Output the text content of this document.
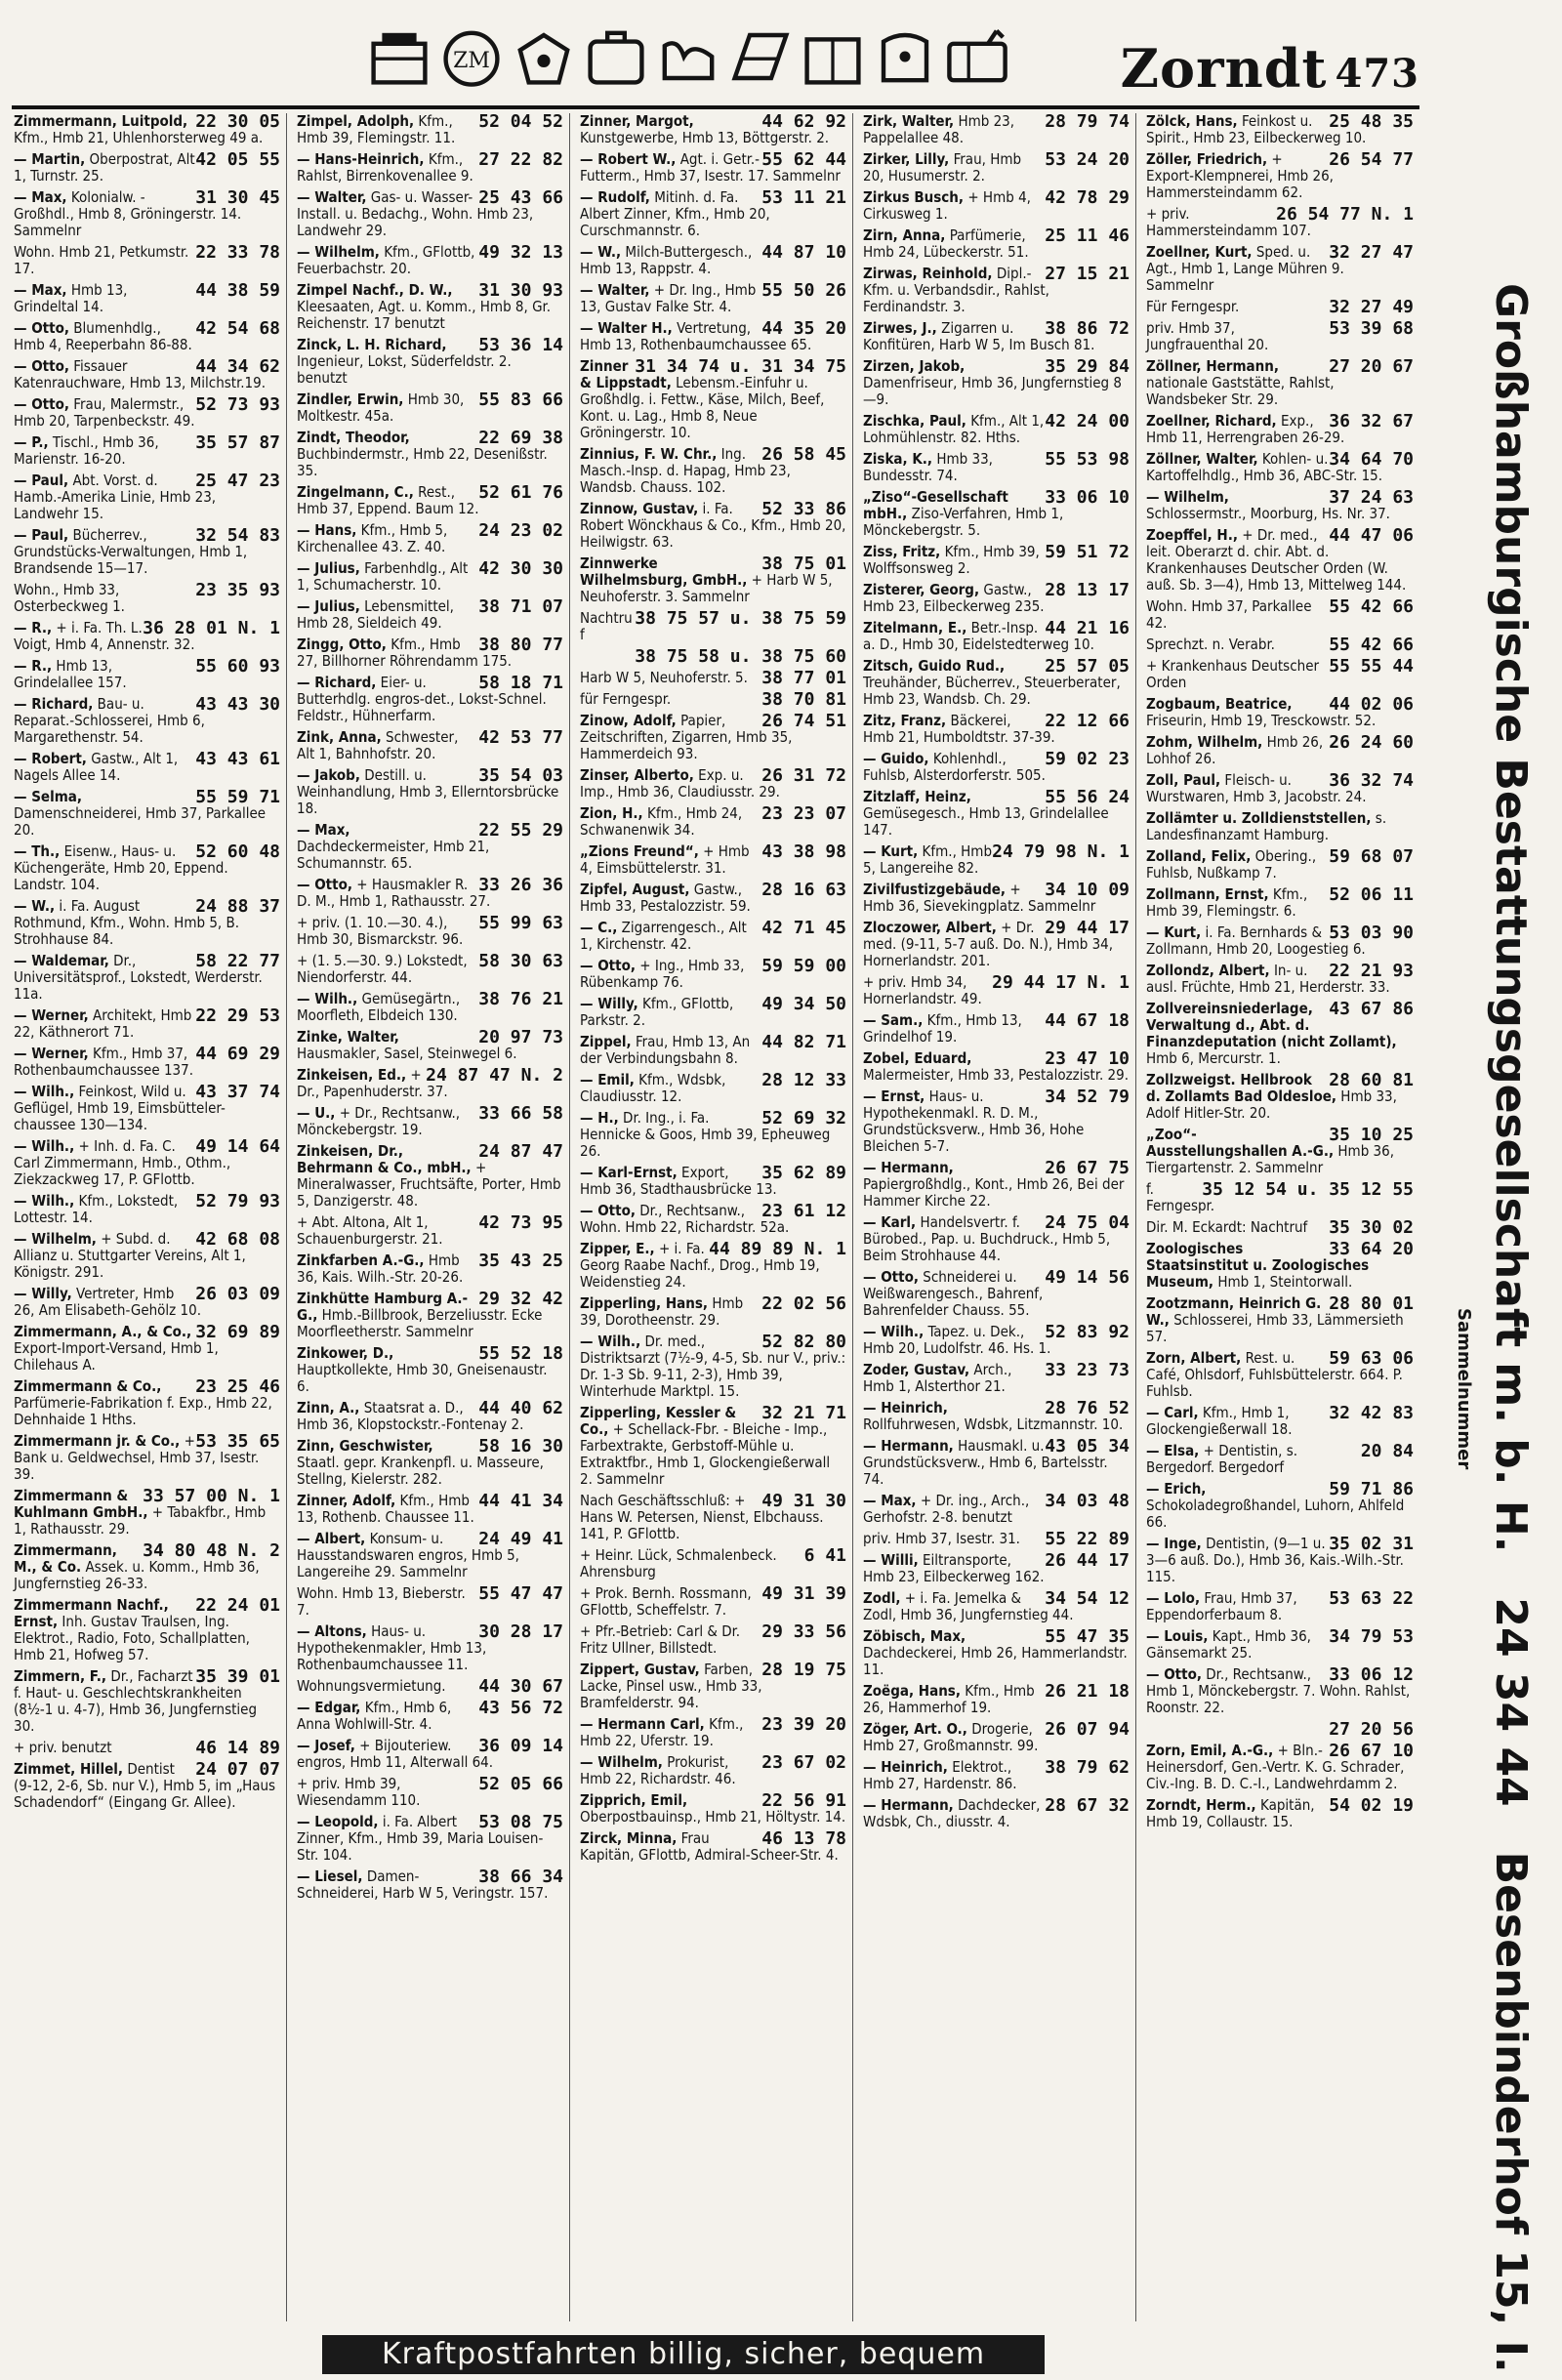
ZM	Zorndt 473

22 30 05
Zimmermann, Luitpold, Kfm., Hmb 21, Uhlenhorsterweg 49 a.

42 05 55
— Martin, Oberpostrat, Alt 1, Turnstr. 25.

31 30 45
— Max, Kolonialw. - Großhdl., Hmb 8, Gröningerstr. 14. Sammelnr

22 33 78
Wohn. Hmb 21, Petkumstr. 17.

44 38 59
— Max, Hmb 13, Grindeltal 14.

42 54 68
— Otto, Blumenhdlg., Hmb 4, Reeperbahn 86-88.

44 34 62
— Otto, Fissauer Katenrauchware, Hmb 13, Milchstr.19.

52 73 93
— Otto, Frau, Malermstr., Hmb 20, Tarpenbeckstr. 49.

35 57 87
— P., Tischl., Hmb 36, Marienstr. 16-20.

25 47 23
— Paul, Abt. Vorst. d. Hamb.-Amerika Linie, Hmb 23, Landwehr 15.

32 54 83
— Paul, Bücherrev., Grundstücks-Verwaltungen, Hmb 1, Brandsende 15—17.

23 35 93
Wohn., Hmb 33, Osterbeckweg 1.

36 28 01 N. 1
— R., + i. Fa. Th. L. Voigt, Hmb 4, Annenstr. 32.

55 60 93
— R., Hmb 13, Grindelallee 157.

43 43 30
— Richard, Bau- u. Reparat.-Schlosserei, Hmb 6, Margarethenstr. 54.

43 43 61
— Robert, Gastw., Alt 1, Nagels Allee 14.

55 59 71
— Selma, Damenschneiderei, Hmb 37, Parkallee 20.

52 60 48
— Th., Eisenw., Haus- u. Küchengeräte, Hmb 20, Eppend. Landstr. 104.

24 88 37
— W., i. Fa. August Rothmund, Kfm., Wohn. Hmb 5, B. Strohhause 84.

58 22 77
— Waldemar, Dr., Universitätsprof., Lokstedt, Werderstr. 11a.

22 29 53
— Werner, Architekt, Hmb 22, Käthnerort 71.

44 69 29
— Werner, Kfm., Hmb 37, Rothenbaumchaussee 137.

43 37 74
— Wilh., Feinkost, Wild u. Geflügel, Hmb 19, Eimsbütteler-chaussee 130—134.

49 14 64
— Wilh., + Inh. d. Fa. C. Carl Zimmermann, Hmb., Othm., Ziekzackweg 17, P. GFlottb.

52 79 93
— Wilh., Kfm., Lokstedt, Lottestr. 14.

42 68 08
— Wilhelm, + Subd. d. Allianz u. Stuttgarter Vereins, Alt 1, Königstr. 291.

26 03 09
— Willy, Vertreter, Hmb 26, Am Elisabeth-Gehölz 10.

32 69 89
Zimmermann, A., & Co., Export-Import-Versand, Hmb 1, Chilehaus A.

23 25 46
Zimmermann & Co., Parfümerie-Fabrikation f. Exp., Hmb 22, Dehnhaide 1 Hths.

53 35 65
Zimmermann jr. & Co., + Bank u. Geldwechsel, Hmb 37, Isestr. 39.

33 57 00 N. 1
Zimmermann & Kuhlmann GmbH., + Tabakfbr., Hmb 1, Rathausstr. 29.

34 80 48 N. 2
Zimmermann, M., & Co. Assek. u. Komm., Hmb 36, Jungfernstieg 26-33.

22 24 01
Zimmermann Nachf., Ernst, Inh. Gustav Traulsen, Ing. Elektrot., Radio, Foto, Schallplatten, Hmb 21, Hofweg 57.

35 39 01
Zimmern, F., Dr., Facharzt f. Haut- u. Geschlechtskrankheiten (8½-1 u. 4-7), Hmb 36, Jungfernstieg 30.

46 14 89
+ priv. benutzt

24 07 07
Zimmet, Hillel, Dentist (9-12, 2-6, Sb. nur V.), Hmb 5, im „Haus Schadendorf“ (Eingang Gr. Allee).

52 04 52
Zimpel, Adolph, Kfm., Hmb 39, Flemingstr. 11.

27 22 82
— Hans-Heinrich, Kfm., Rahlst, Birrenkovenallee 9.

25 43 66
— Walter, Gas- u. Wasser-Install. u. Bedachg., Wohn. Hmb 23, Landwehr 29.

49 32 13
— Wilhelm, Kfm., GFlottb, Feuerbachstr. 20.

31 30 93
Zimpel Nachf., D. W., Kleesaaten, Agt. u. Komm., Hmb 8, Gr. Reichenstr. 17 benutzt

53 36 14
Zinck, L. H. Richard, Ingenieur, Lokst, Süderfeldstr. 2. benutzt

55 83 66
Zindler, Erwin, Hmb 30, Moltkestr. 45a.

22 69 38
Zindt, Theodor, Buchbindermstr., Hmb 22, Desenißstr. 35.

52 61 76
Zingelmann, C., Rest., Hmb 37, Eppend. Baum 12.

24 23 02
— Hans, Kfm., Hmb 5, Kirchenallee 43. Z. 40.

42 30 30
— Julius, Farbenhdlg., Alt 1, Schumacherstr. 10.

38 71 07
— Julius, Lebensmittel, Hmb 28, Sieldeich 49.

38 80 77
Zingg, Otto, Kfm., Hmb 27, Billhorner Röhrendamm 175.

58 18 71
— Richard, Eier- u. Butterhdlg. engros-det., Lokst-Schnel. Feldstr., Hühnerfarm.

42 53 77
Zink, Anna, Schwester, Alt 1, Bahnhofstr. 20.

35 54 03
— Jakob, Destill. u. Weinhandlung, Hmb 3, Ellerntorsbrücke 18.

22 55 29
— Max, Dachdeckermeister, Hmb 21, Schumannstr. 65.

33 26 36
— Otto, + Hausmakler R. D. M., Hmb 1, Rathausstr. 27.

55 99 63
+ priv. (1. 10.—30. 4.), Hmb 30, Bismarckstr. 96.

58 30 63
+ (1. 5.—30. 9.) Lokstedt, Niendorferstr. 44.

38 76 21
— Wilh., Gemüsegärtn., Moorfleth, Elbdeich 130.

20 97 73
Zinke, Walter, Hausmakler, Sasel, Steinwegel 6.

24 87 47 N. 2
Zinkeisen, Ed., + Dr., Papenhuderstr. 37.

33 66 58
— U., + Dr., Rechtsanw., Mönckebergstr. 19.

24 87 47
Zinkeisen, Dr., Behrmann & Co., mbH., + Mineralwasser, Fruchtsäfte, Porter, Hmb 5, Danzigerstr. 48.

42 73 95
+ Abt. Altona, Alt 1, Schauenburgerstr. 21.

35 43 25
Zinkfarben A.-G., Hmb 36, Kais. Wilh.-Str. 20-26.

29 32 42
Zinkhütte Hamburg A.-G., Hmb.-Billbrook, Berzeliusstr. Ecke Moorfleetherstr. Sammelnr

55 52 18
Zinkower, D., Hauptkollekte, Hmb 30, Gneisenaustr. 6.

44 40 62
Zinn, A., Staatsrat a. D., Hmb 36, Klopstockstr.-Fontenay 2.

58 16 30
Zinn, Geschwister, Staatl. gepr. Krankenpfl. u. Masseure, Stellng, Kielerstr. 282.

44 41 34
Zinner, Adolf, Kfm., Hmb 13, Rothenb. Chaussee 11.

24 49 41
— Albert, Konsum- u. Hausstandswaren engros, Hmb 5, Langereihe 29. Sammelnr

55 47 47
Wohn. Hmb 13, Bieberstr. 7.

30 28 17
— Altons, Haus- u. Hypothekenmakler, Hmb 13, Rothenbaumchaussee 11.

44 30 67
Wohnungsvermietung.

43 56 72
— Edgar, Kfm., Hmb 6, Anna Wohlwill-Str. 4.

36 09 14
— Josef, + Bijouteriew. engros, Hmb 11, Alterwall 64.

52 05 66
+ priv. Hmb 39, Wiesendamm 110.

53 08 75
— Leopold, i. Fa. Albert Zinner, Kfm., Hmb 39, Maria Louisen-Str. 104.

38 66 34
— Liesel, Damen-Schneiderei, Harb W 5, Veringstr. 157.

44 62 92
Zinner, Margot, Kunstgewerbe, Hmb 13, Böttgerstr. 2.

55 62 44
— Robert W., Agt. i. Getr.-Futterm., Hmb 37, Isestr. 17. Sammelnr

53 11 21
— Rudolf, Mitinh. d. Fa. Albert Zinner, Kfm., Hmb 20, Curschmannstr. 6.

44 87 10
— W., Milch-Buttergesch., Hmb 13, Rappstr. 4.

55 50 26
— Walter, + Dr. Ing., Hmb 13, Gustav Falke Str. 4.

44 35 20
— Walter H., Vertretung, Hmb 13, Rothenbaumchaussee 65.

31 34 74 u. 31 34 75
Zinner & Lippstadt, Lebensm.-Einfuhr u. Großhdlg. i. Fettw., Käse, Milch, Beef, Kont. u. Lag., Hmb 8, Neue Gröningerstr. 10.

26 58 45
Zinnius, F. W. Chr., Ing. Masch.-Insp. d. Hapag, Hmb 23, Wandsb. Chauss. 102.

52 33 86
Zinnow, Gustav, i. Fa. Robert Wönckhaus & Co., Kfm., Hmb 20, Heilwigstr. 63.

38 75 01
Zinnwerke Wilhelmsburg, GmbH., + Harb W 5, Neuhoferstr. 3. Sammelnr

38 75 57 u. 38 75 59
Nachtruf

38 75 58 u. 38 75 60

38 77 01
Harb W 5, Neuhoferstr. 5.

38 70 81
für Ferngespr.

26 74 51
Zinow, Adolf, Papier, Zeitschriften, Zigarren, Hmb 35, Hammerdeich 93.

26 31 72
Zinser, Alberto, Exp. u. Imp., Hmb 36, Claudiusstr. 29.

23 23 07
Zion, H., Kfm., Hmb 24, Schwanenwik 34.

43 38 98
„Zions Freund“, + Hmb 4, Eimsbüttelerstr. 31.

28 16 63
Zipfel, August, Gastw., Hmb 33, Pestalozzistr. 59.

42 71 45
— C., Zigarrengesch., Alt 1, Kirchenstr. 42.

59 59 00
— Otto, + Ing., Hmb 33, Rübenkamp 76.

49 34 50
— Willy, Kfm., GFlottb, Parkstr. 2.

44 82 71
Zippel, Frau, Hmb 13, An der Verbindungsbahn 8.

28 12 33
— Emil, Kfm., Wdsbk, Claudiusstr. 12.

52 69 32
— H., Dr. Ing., i. Fa. Hennicke & Goos, Hmb 39, Epheuweg 26.

35 62 89
— Karl-Ernst, Export, Hmb 36, Stadthausbrücke 13.

23 61 12
— Otto, Dr., Rechtsanw., Wohn. Hmb 22, Richardstr. 52a.

44 89 89 N. 1
Zipper, E., + i. Fa. Georg Raabe Nachf., Drog., Hmb 19, Weidenstieg 24.

22 02 56
Zipperling, Hans, Hmb 39, Dorotheenstr. 29.

52 82 80
— Wilh., Dr. med., Distriktsarzt (7½-9, 4-5, Sb. nur V., priv.: Dr. 1-3 Sb. 9-11, 2-3), Hmb 39, Winterhude Marktpl. 15.

32 21 71
Zipperling, Kessler & Co., + Schellack-Fbr. - Bleiche - Imp., Farbextrakte, Gerbstoff-Mühle u. Extraktfbr., Hmb 1, Glockengießerwall 2. Sammelnr

49 31 30
Nach Geschäftsschluß: + Hans W. Petersen, Nienst, Elbchauss. 141, P. GFlottb.

6 41
+ Heinr. Lück, Schmalenbeck. Ahrensburg

49 31 39
+ Prok. Bernh. Rossmann, GFlottb, Scheffelstr. 7.

29 33 56
+ Pfr.-Betrieb: Carl & Dr. Fritz Ullner, Billstedt.

28 19 75
Zippert, Gustav, Farben, Lacke, Pinsel usw., Hmb 33, Bramfelderstr. 94.

23 39 20
— Hermann Carl, Kfm., Hmb 22, Uferstr. 19.

23 67 02
— Wilhelm, Prokurist, Hmb 22, Richardstr. 46.

22 56 91
Zipprich, Emil, Oberpostbauinsp., Hmb 21, Höltystr. 14.

46 13 78
Zirck, Minna, Frau Kapitän, GFlottb, Admiral-Scheer-Str. 4.

28 79 74
Zirk, Walter, Hmb 23, Pappelallee 48.

53 24 20
Zirker, Lilly, Frau, Hmb 20, Husumerstr. 2.

42 78 29
Zirkus Busch, + Hmb 4, Cirkusweg 1.

25 11 46
Zirn, Anna, Parfümerie, Hmb 24, Lübeckerstr. 51.

27 15 21
Zirwas, Reinhold, Dipl.-Kfm. u. Verbandsdir., Rahlst, Ferdinandstr. 3.

38 86 72
Zirwes, J., Zigarren u. Konfitüren, Harb W 5, Im Busch 81.

35 29 84
Zirzen, Jakob, Damenfriseur, Hmb 36, Jungfernstieg 8—9.

42 24 00
Zischka, Paul, Kfm., Alt 1, Lohmühlenstr. 82. Hths.

55 53 98
Ziska, K., Hmb 33, Bundesstr. 74.

33 06 10
„Ziso“-Gesellschaft mbH., Ziso-Verfahren, Hmb 1, Mönckebergstr. 5.

59 51 72
Ziss, Fritz, Kfm., Hmb 39, Wolffsonsweg 2.

28 13 17
Zisterer, Georg, Gastw., Hmb 23, Eilbeckerweg 235.

44 21 16
Zitelmann, E., Betr.-Insp. a. D., Hmb 30, Eidelstedterweg 10.

25 57 05
Zitsch, Guido Rud., Treuhänder, Bücherrev., Steuerberater, Hmb 23, Wandsb. Ch. 29.

22 12 66
Zitz, Franz, Bäckerei, Hmb 21, Humboldtstr. 37-39.

59 02 23
— Guido, Kohlenhdl., Fuhlsb, Alsterdorferstr. 505.

55 56 24
Zitzlaff, Heinz, Gemüsegesch., Hmb 13, Grindelallee 147.

24 79 98 N. 1
— Kurt, Kfm., Hmb 5, Langereihe 82.

34 10 09
Zivilfustizgebäude, + Hmb 36, Sievekingplatz. Sammelnr

29 44 17
Zloczower, Albert, + Dr. med. (9-11, 5-7 auß. Do. N.), Hmb 34, Hornerlandstr. 201.

29 44 17 N. 1
+ priv. Hmb 34, Hornerlandstr. 49.

44 67 18
— Sam., Kfm., Hmb 13, Grindelhof 19.

23 47 10
Zobel, Eduard, Malermeister, Hmb 33, Pestalozzistr. 29.

34 52 79
— Ernst, Haus- u. Hypothekenmakl. R. D. M., Grundstücksverw., Hmb 36, Hohe Bleichen 5-7.

26 67 75
— Hermann, Papiergroßhdlg., Kont., Hmb 26, Bei der Hammer Kirche 22.

24 75 04
— Karl, Handelsvertr. f. Bürobed., Pap. u. Buchdruck., Hmb 5, Beim Strohhause 44.

49 14 56
— Otto, Schneiderei u. Weißwarengesch., Bahrenf, Bahrenfelder Chauss. 55.

52 83 92
— Wilh., Tapez. u. Dek., Hmb 20, Ludolfstr. 46. Hs. 1.

33 23 73
Zoder, Gustav, Arch., Hmb 1, Alsterthor 21.

28 76 52
— Heinrich, Rollfuhrwesen, Wdsbk, Litzmannstr. 10.

43 05 34
— Hermann, Hausmakl. u. Grundstücksverw., Hmb 6, Bartelsstr. 74.

34 03 48
— Max, + Dr. ing., Arch., Gerhofstr. 2-8. benutzt

55 22 89
priv. Hmb 37, Isestr. 31.

26 44 17
— Willi, Eiltransporte, Hmb 23, Eilbeckerweg 162.

34 54 12
Zodl, + i. Fa. Jemelka & Zodl, Hmb 36, Jungfernstieg 44.

55 47 35
Zöbisch, Max, Dachdeckerei, Hmb 26, Hammerlandstr. 11.

26 21 18
Zoëga, Hans, Kfm., Hmb 26, Hammerhof 19.

26 07 94
Zöger, Art. O., Drogerie, Hmb 27, Großmannstr. 99.

38 79 62
— Heinrich, Elektrot., Hmb 27, Hardenstr. 86.

28 67 32
— Hermann, Dachdecker, Wdsbk, Ch., diusstr. 4.

25 48 35
Zölck, Hans, Feinkost u. Spirit., Hmb 23, Eilbeckerweg 10.

26 54 77
Zöller, Friedrich, + Export-Klempnerei, Hmb 26, Hammersteindamm 62.

26 54 77 N. 1
+ priv. Hammersteindamm 107.

32 27 47
Zoellner, Kurt, Sped. u. Agt., Hmb 1, Lange Mühren 9. Sammelnr

32 27 49
Für Ferngespr.

53 39 68
priv. Hmb 37, Jungfrauenthal 20.

27 20 67
Zöllner, Hermann, nationale Gaststätte, Rahlst, Wandsbeker Str. 29.

36 32 67
Zoellner, Richard, Exp., Hmb 11, Herrengraben 26-29.

34 64 70
Zöllner, Walter, Kohlen- u. Kartoffelhdlg., Hmb 36, ABC-Str. 15.

37 24 63
— Wilhelm, Schlossermstr., Moorburg, Hs. Nr. 37.

44 47 06
Zoepffel, H., + Dr. med., leit. Oberarzt d. chir. Abt. d. Krankenhauses Deutscher Orden (W. auß. Sb. 3—4), Hmb 13, Mittelweg 144.

55 42 66
Wohn. Hmb 37, Parkallee 42.

55 42 66
Sprechzt. n. Verabr.

55 55 44
+ Krankenhaus Deutscher Orden

44 02 06
Zogbaum, Beatrice, Friseurin, Hmb 19, Tresckowstr. 52.

26 24 60
Zohm, Wilhelm, Hmb 26, Lohhof 26.

36 32 74
Zoll, Paul, Fleisch- u. Wurstwaren, Hmb 3, Jacobstr. 24.

Zollämter u. Zolldienststellen, s. Landesfinanzamt Hamburg.

59 68 07
Zolland, Felix, Obering., Fuhlsb, Nußkamp 7.

52 06 11
Zollmann, Ernst, Kfm., Hmb 39, Flemingstr. 6.

53 03 90
— Kurt, i. Fa. Bernhards & Zollmann, Hmb 20, Loogestieg 6.

22 21 93
Zollondz, Albert, In- u. ausl. Früchte, Hmb 21, Herderstr. 33.

43 67 86
Zollvereinsniederlage, Verwaltung d., Abt. d. Finanzdeputation (nicht Zollamt), Hmb 6, Mercurstr. 1.

28 60 81
Zollzweigst. Hellbrook d. Zollamts Bad Oldesloe, Hmb 33, Adolf Hitler-Str. 20.

35 10 25
„Zoo“-Ausstellungshallen A.-G., Hmb 36, Tiergartenstr. 2. Sammelnr

35 12 54 u. 35 12 55
f. Ferngespr.

35 30 02
Dir. M. Eckardt: Nachtruf

33 64 20
Zoologisches Staatsinstitut u. Zoologisches Museum, Hmb 1, Steintorwall.

28 80 01
Zootzmann, Heinrich G. W., Schlosserei, Hmb 33, Lämmersieth 57.

59 63 06
Zorn, Albert, Rest. u. Café, Ohlsdorf, Fuhlsbüttelerstr. 664. P. Fuhlsb.

32 42 83
— Carl, Kfm., Hmb 1, Glockengießerwall 18.

20 84
— Elsa, + Dentistin, s. Bergedorf. Bergedorf

59 71 86
— Erich, Schokoladegroßhandel, Luhorn, Ahlfeld 66.

35 02 31
— Inge, Dentistin, (9—1 u. 3—6 auß. Do.), Hmb 36, Kais.-Wilh.-Str. 115.

53 63 22
— Lolo, Frau, Hmb 37, Eppendorferbaum 8.

34 79 53
— Louis, Kapt., Hmb 36, Gänsemarkt 25.

33 06 12
— Otto, Dr., Rechtsanw., Hmb 1, Mönckebergstr. 7. Wohn. Rahlst, Roonstr. 22.

27 20 56

26 67 10
Zorn, Emil, A.-G., + Bln.-Heinersdorf, Gen.-Vertr. K. G. Schrader, Civ.-Ing. B. D. C.-I., Landwehrdamm 2.

54 02 19
Zorndt, Herm., Kapitän, Hmb 19, Collaustr. 15.

Großhamburgische Bestattungsgesellschaft m. b. H.   24 34 44   Besenbinderhof 15, I.
Sammelnummer
Kraftpostfahrten billig, sicher, bequem
